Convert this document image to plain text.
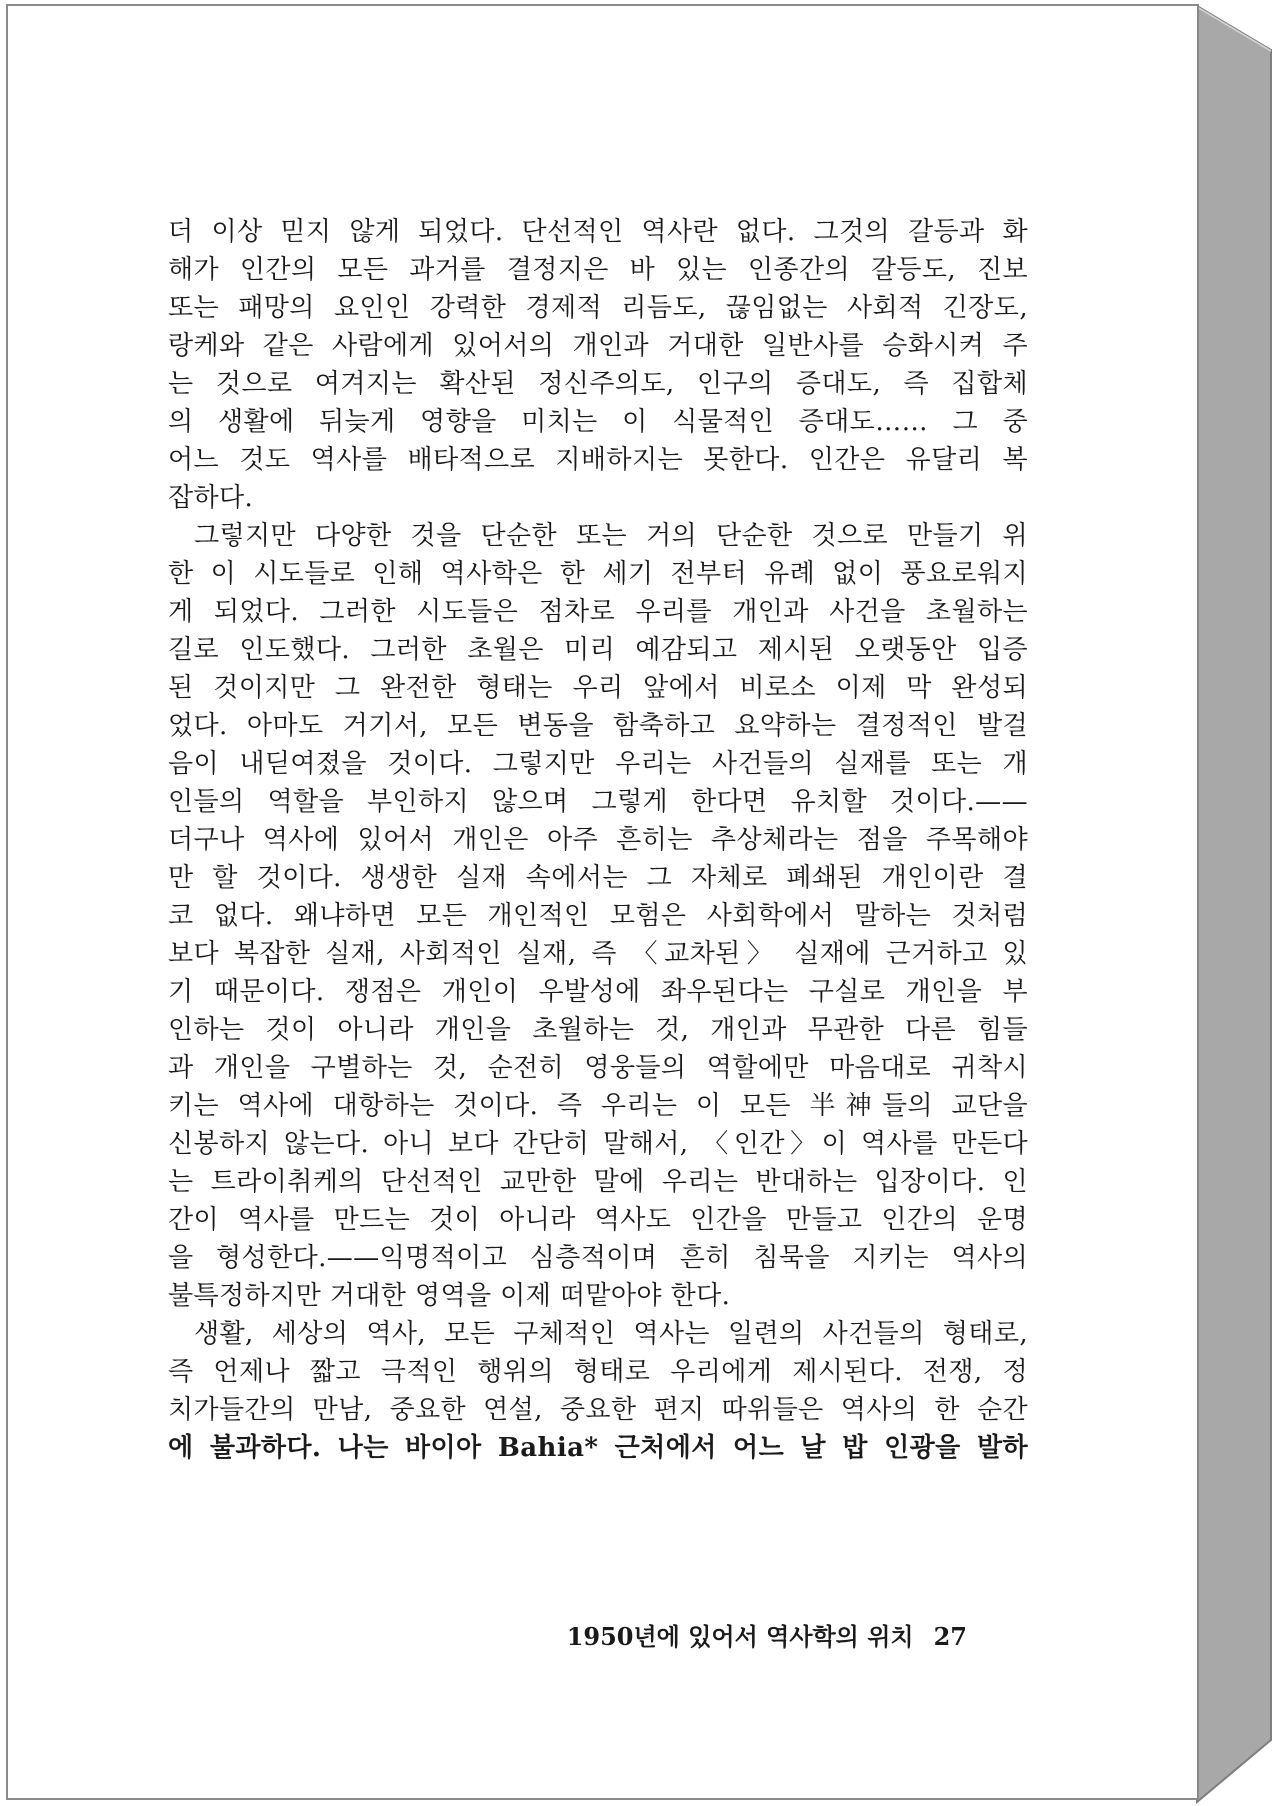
더 이상 믿지 않게 되었다. 단선적인 역사란 없다. 그것의 갈등과 화
해가 인간의 모든 과거를 결정지은 바 있는 인종간의 갈등도, 진보
또는 패망의 요인인 강력한 경제적 리듬도, 끊임없는 사회적 긴장도,
랑케와 같은 사람에게 있어서의 개인과 거대한 일반사를 승화시켜 주
는 것으로 여겨지는 확산된 정신주의도, 인구의 증대도, 즉 집합체
의 생활에 뒤늦게 영향을 미치는 이 식물적인 증대도…… 그 중
어느 것도 역사를 배타적으로 지배하지는 못한다. 인간은 유달리 복
잡하다.
그렇지만 다양한 것을 단순한 또는 거의 단순한 것으로 만들기 위
한 이 시도들로 인해 역사학은 한 세기 전부터 유례 없이 풍요로워지
게 되었다. 그러한 시도들은 점차로 우리를 개인과 사건을 초월하는
길로 인도했다. 그러한 초월은 미리 예감되고 제시된 오랫동안 입증
된 것이지만 그 완전한 형태는 우리 앞에서 비로소 이제 막 완성되
었다. 아마도 거기서, 모든 변동을 함축하고 요약하는 결정적인 발걸
음이 내딛여졌을 것이다. 그렇지만 우리는 사건들의 실재를 또는 개
인들의 역할을 부인하지 않으며 그렇게 한다면 유치할 것이다.——
더구나 역사에 있어서 개인은 아주 흔히는 추상체라는 점을 주목해야
만 할 것이다. 생생한 실재 속에서는 그 자체로 폐쇄된 개인이란 결
코 없다. 왜냐하면 모든 개인적인 모험은 사회학에서 말하는 것처럼
보다 복잡한 실재, 사회적인 실재, 즉 〈교차된〉 실재에 근거하고 있
기 때문이다. 쟁점은 개인이 우발성에 좌우된다는 구실로 개인을 부
인하는 것이 아니라 개인을 초월하는 것, 개인과 무관한 다른 힘들
과 개인을 구별하는 것, 순전히 영웅들의 역할에만 마음대로 귀착시
키는 역사에 대항하는 것이다. 즉 우리는 이 모든 半神들의 교단을
신봉하지 않는다. 아니 보다 간단히 말해서, 〈인간〉이 역사를 만든다
는 트라이취케의 단선적인 교만한 말에 우리는 반대하는 입장이다. 인
간이 역사를 만드는 것이 아니라 역사도 인간을 만들고 인간의 운명
을 형성한다.——익명적이고 심층적이며 흔히 침묵을 지키는 역사의
불특정하지만 거대한 영역을 이제 떠맡아야 한다.
생활, 세상의 역사, 모든 구체적인 역사는 일련의 사건들의 형태로,
즉 언제나 짧고 극적인 행위의 형태로 우리에게 제시된다. 전쟁, 정
치가들간의 만남, 중요한 연설, 중요한 편지 따위들은 역사의 한 순간
에 불과하다. 나는 바이아 Bahia* 근처에서 어느 날 밥 인광을 발하
1950년에 있어서 역사학의 위치 27
